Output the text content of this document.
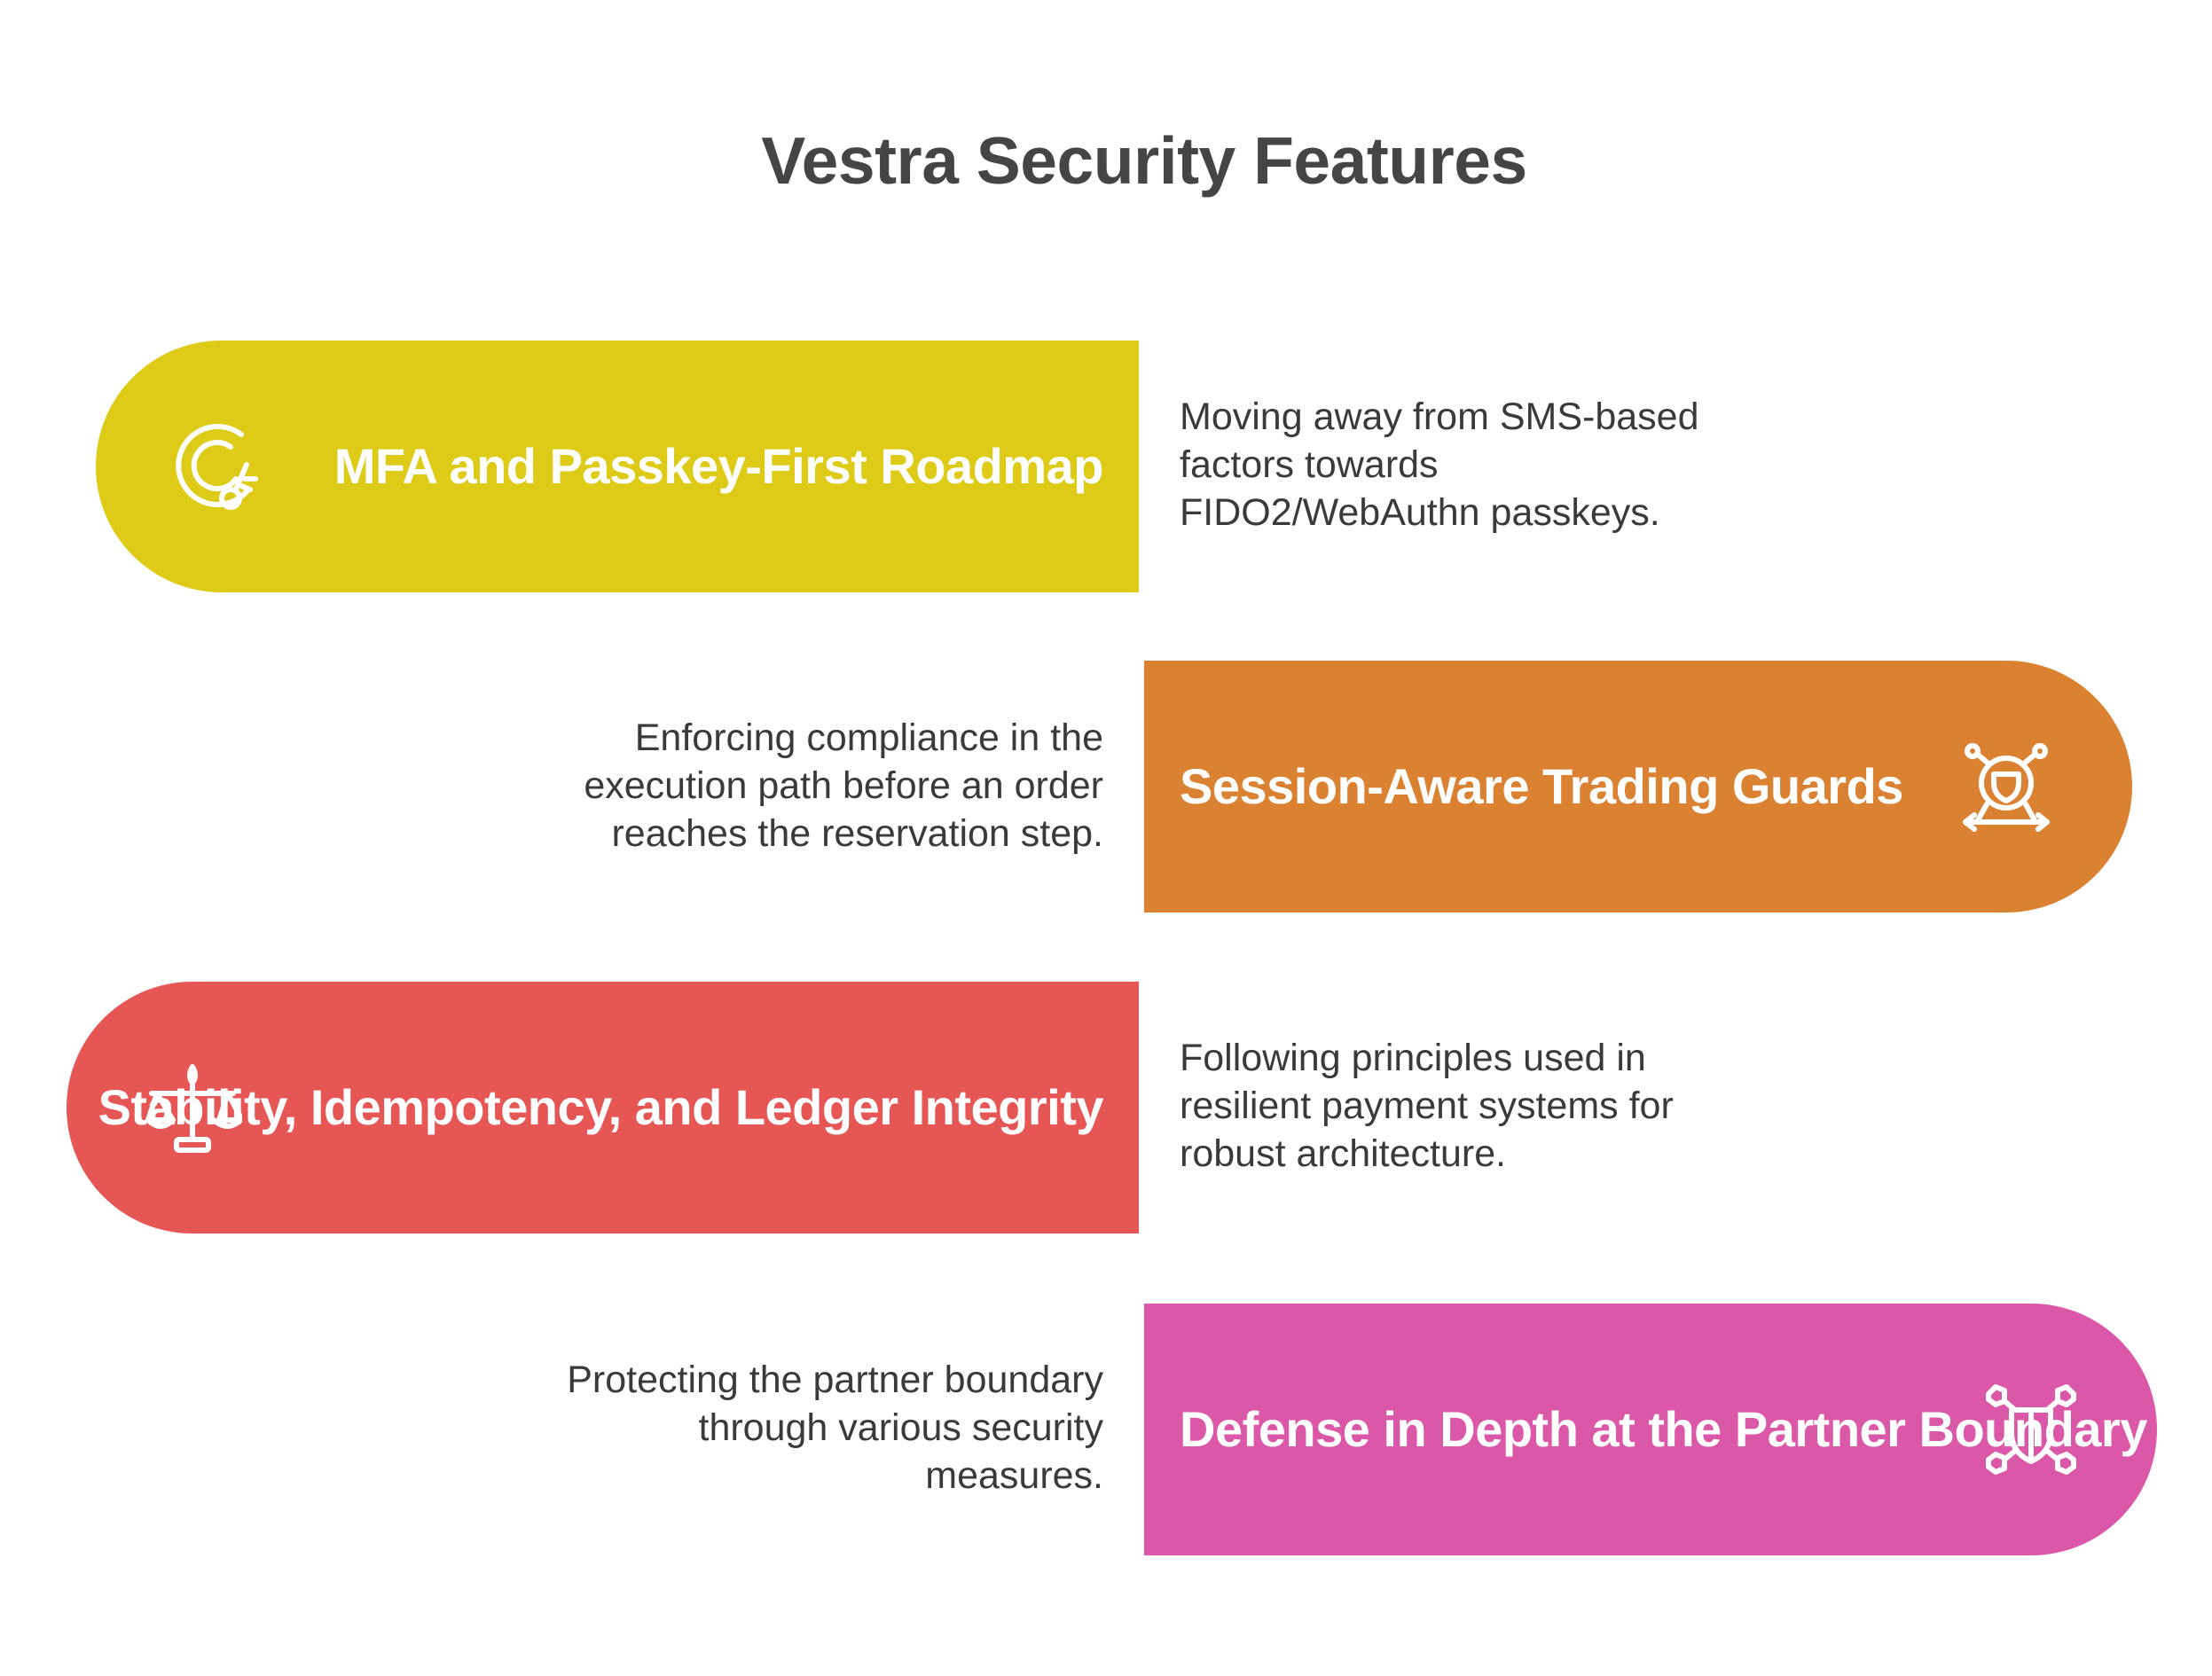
Vestra Security Features
MFA and Passkey-First Roadmap
Moving away from SMS-based factors towards FIDO2/WebAuthn passkeys.
Session-Aware Trading Guards
Enforcing compliance in the execution path before an order reaches the reservation step.
Stability, Idempotency, and Ledger Integrity
Following principles used in resilient payment systems for robust architecture.
Defense in Depth at the Partner Boundary
Protecting the partner boundary through various security measures.
